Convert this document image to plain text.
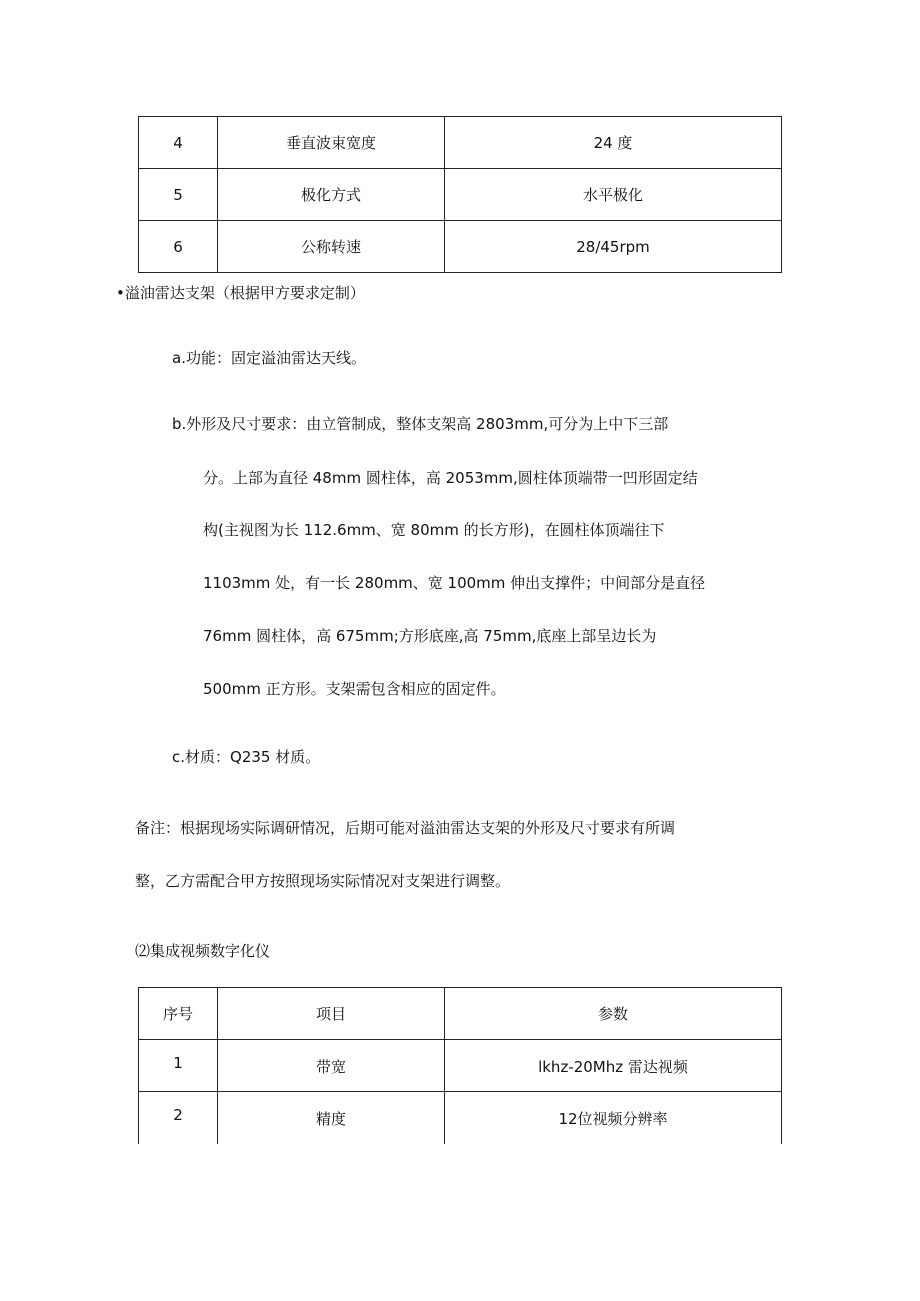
4	垂直波束宽度	24 度
5	极化方式	水平极化
6	公称转速	28/45rpm
•溢油雷达支架（根据甲方要求定制）
a.功能：固定溢油雷达天线。
b.外形及尺寸要求：由立管制成，整体支架高 2803mm,可分为上中下三部
分。上部为直径 48mm 圆柱体，高 2053mm,圆柱体顶端带一凹形固定结
构(主视图为长 112.6mm、宽 80mm 的长方形)，在圆柱体顶端往下
1103mm 处，有一长 280mm、宽 100mm 伸出支撑件；中间部分是直径
76mm 圆柱体，高 675mm;方形底座,高 75mm,底座上部呈边长为
500mm 正方形。支架需包含相应的固定件。
c.材质：Q235 材质。
备注：根据现场实际调研情况，后期可能对溢油雷达支架的外形及尺寸要求有所调
整，乙方需配合甲方按照现场实际情况对支架进行调整。
⑵集成视频数字化仪
序号	项目	参数
1	带宽	lkhz-20Mhz 雷达视频
2	精度	12位视频分辨率
